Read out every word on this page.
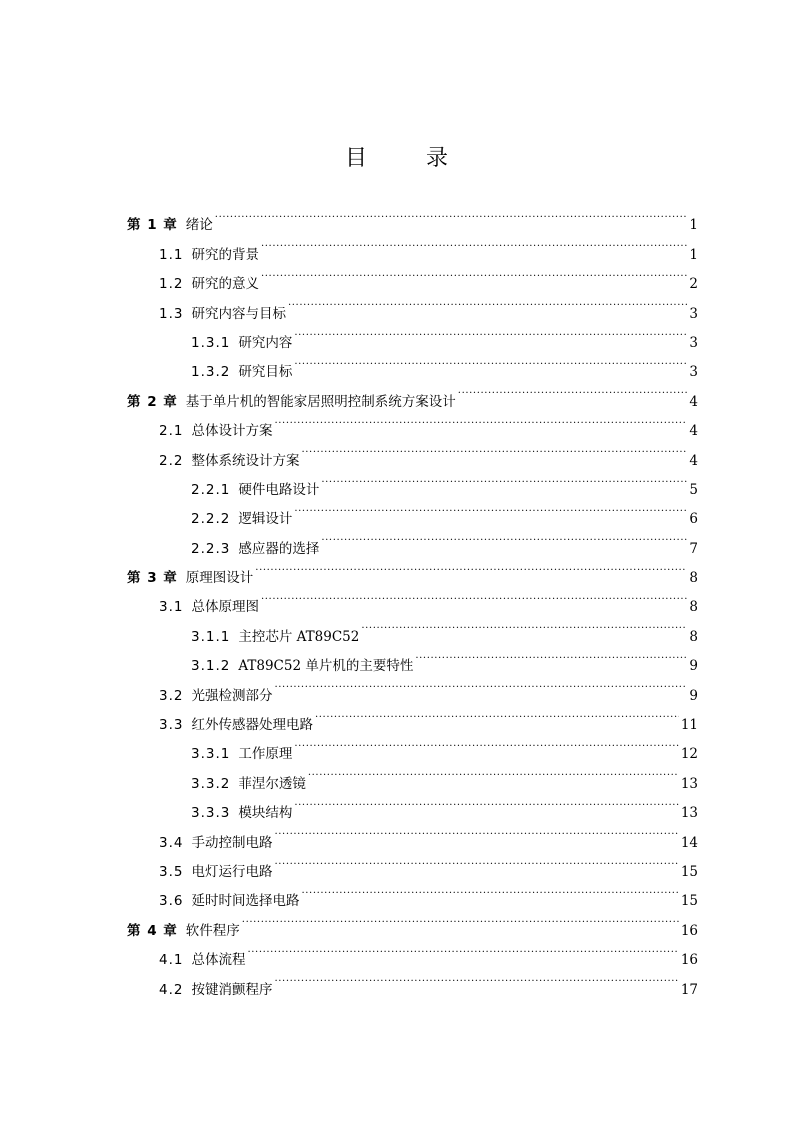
目 录
第 1 章 绪论 .....	1
1.1 研究的背景 .....	1
1.2 研究的意义 .....	2
1.3 研究内容与目标 .....	3
1.3.1 研究内容 .....	3
1.3.2 研究目标 .....	3
第 2 章 基于单片机的智能家居照明控制系统方案设计 .....	4
2.1 总体设计方案 .....	4
2.2 整体系统设计方案 .....	4
2.2.1 硬件电路设计 .....	5
2.2.2 逻辑设计 .....	6
2.2.3 感应器的选择 .....	7
第 3 章 原理图设计 .....	8
3.1 总体原理图 .....	8
3.1.1 主控芯片 AT89C52 .....	8
3.1.2 AT89C52 单片机的主要特性 .....	9
3.2 光强检测部分 .....	9
3.3 红外传感器处理电路 .....	11
3.3.1 工作原理 .....	12
3.3.2 菲涅尔透镜 .....	13
3.3.3 模块结构 .....	13
3.4 手动控制电路 .....	14
3.5 电灯运行电路 .....	15
3.6 延时时间选择电路 .....	15
第 4 章 软件程序 .....	16
4.1 总体流程 .....	16
4.2 按键消颤程序 .....	17
